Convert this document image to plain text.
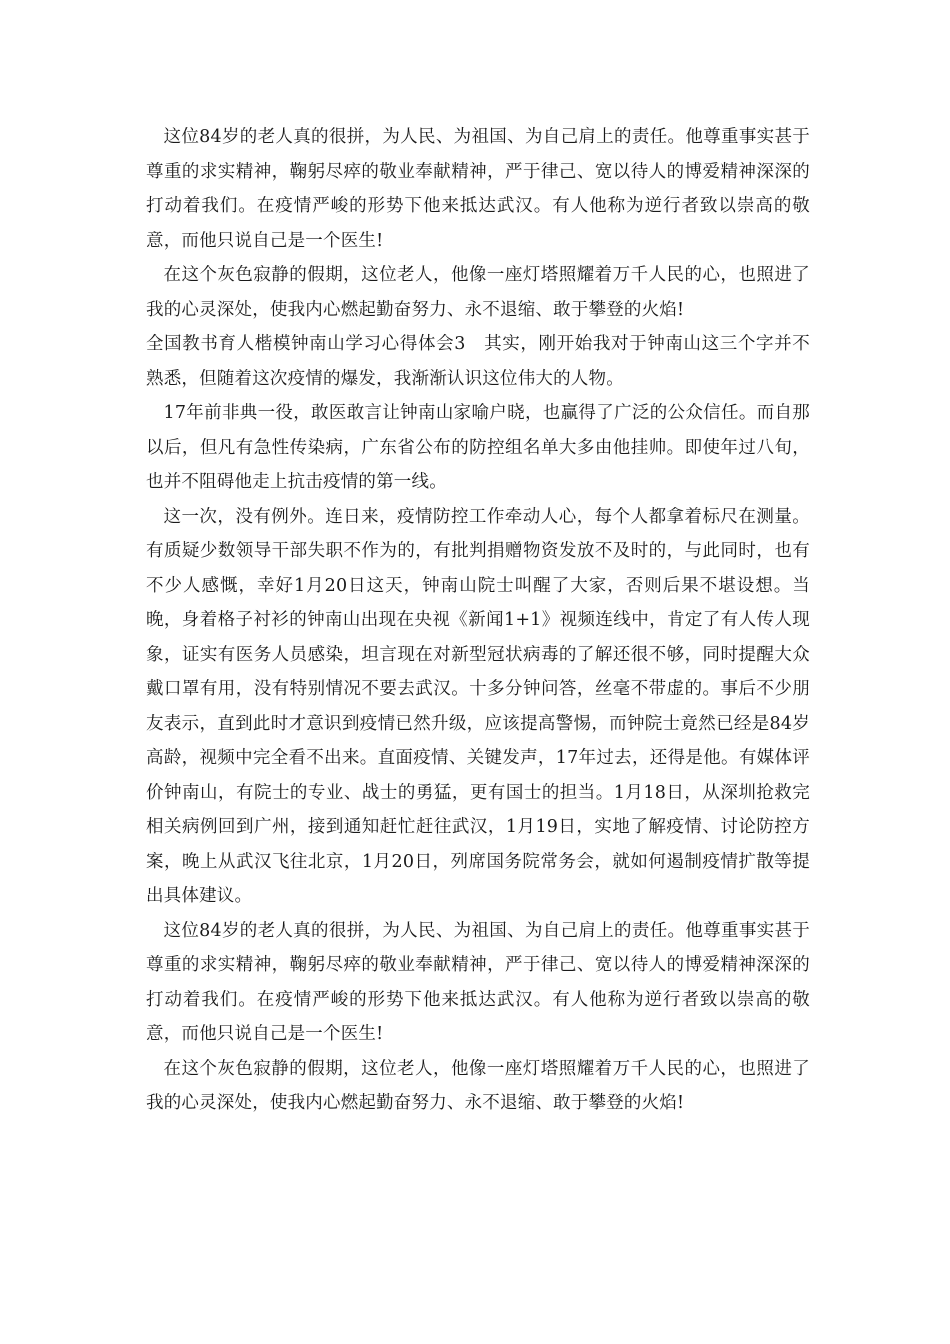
这位84岁的老人真的很拼，为人民、为祖国、为自己肩上的责任。他尊重事实甚于尊重的求实精神，鞠躬尽瘁的敬业奉献精神，严于律己、宽以待人的博爱精神深深的打动着我们。在疫情严峻的形势下他来抵达武汉。有人他称为逆行者致以崇高的敬意，而他只说自己是一个医生!

在这个灰色寂静的假期，这位老人，他像一座灯塔照耀着万千人民的心，也照进了我的心灵深处，使我内心燃起勤奋努力、永不退缩、敢于攀登的火焰!

全国教书育人楷模钟南山学习心得体会3　其实，刚开始我对于钟南山这三个字并不熟悉，但随着这次疫情的爆发，我渐渐认识这位伟大的人物。

17年前非典一役，敢医敢言让钟南山家喻户晓，也赢得了广泛的公众信任。而自那以后，但凡有急性传染病，广东省公布的防控组名单大多由他挂帅。即使年过八旬，也并不阻碍他走上抗击疫情的第一线。

这一次，没有例外。连日来，疫情防控工作牵动人心，每个人都拿着标尺在测量。有质疑少数领导干部失职不作为的，有批判捐赠物资发放不及时的，与此同时，也有不少人感慨，幸好1月20日这天，钟南山院士叫醒了大家，否则后果不堪设想。当晚，身着格子衬衫的钟南山出现在央视《新闻1+1》视频连线中，肯定了有人传人现象，证实有医务人员感染，坦言现在对新型冠状病毒的了解还很不够，同时提醒大众戴口罩有用，没有特别情况不要去武汉。十多分钟问答，丝毫不带虚的。事后不少朋友表示，直到此时才意识到疫情已然升级，应该提高警惕，而钟院士竟然已经是84岁高龄，视频中完全看不出来。直面疫情、关键发声，17年过去，还得是他。有媒体评价钟南山，有院士的专业、战士的勇猛，更有国士的担当。1月18日，从深圳抢救完相关病例回到广州，接到通知赶忙赶往武汉，1月19日，实地了解疫情、讨论防控方案，晚上从武汉飞往北京，1月20日，列席国务院常务会，就如何遏制疫情扩散等提出具体建议。

这位84岁的老人真的很拼，为人民、为祖国、为自己肩上的责任。他尊重事实甚于尊重的求实精神，鞠躬尽瘁的敬业奉献精神，严于律己、宽以待人的博爱精神深深的打动着我们。在疫情严峻的形势下他来抵达武汉。有人他称为逆行者致以崇高的敬意，而他只说自己是一个医生!

在这个灰色寂静的假期，这位老人，他像一座灯塔照耀着万千人民的心，也照进了我的心灵深处，使我内心燃起勤奋努力、永不退缩、敢于攀登的火焰!
